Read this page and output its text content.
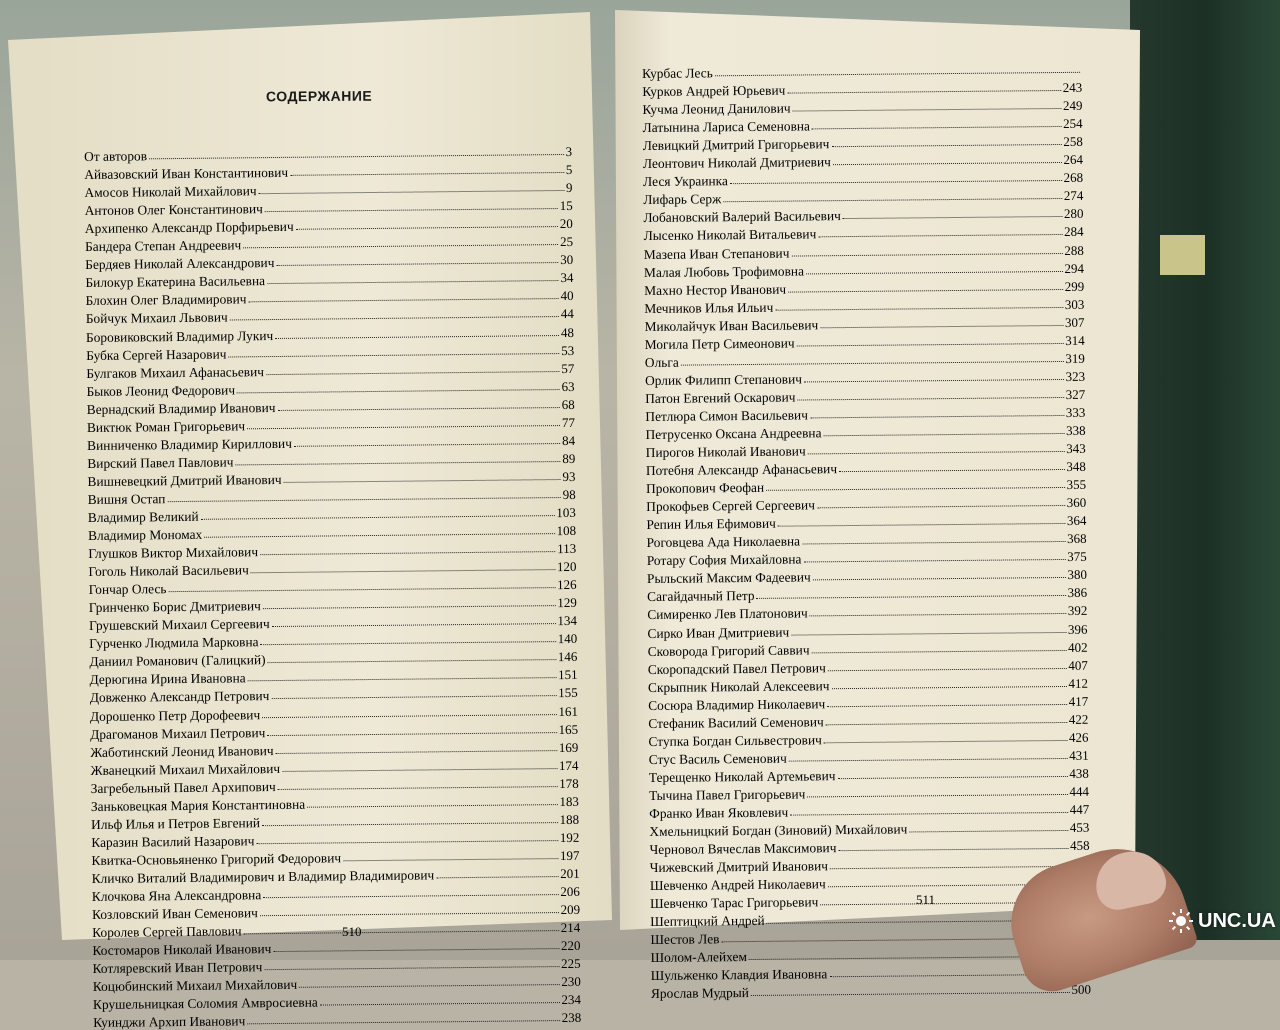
СОДЕРЖАНИЕ
От авторов	3
Айвазовский Иван Константинович	5
Амосов Николай Михайлович	9
Антонов Олег Константинович	15
Архипенко Александр Порфирьевич	20
Бандера Степан Андреевич	25
Бердяев Николай Александрович	30
Билокур Екатерина Васильевна	34
Блохин Олег Владимирович	40
Бойчук Михаил Львович	44
Боровиковский Владимир Лукич	48
Бубка Сергей Назарович	53
Булгаков Михаил Афанасьевич	57
Быков Леонид Федорович	63
Вернадский Владимир Иванович	68
Виктюк Роман Григорьевич	77
Винниченко Владимир Кириллович	84
Вирский Павел Павлович	89
Вишневецкий Дмитрий Иванович	93
Вишня Остап	98
Владимир Великий	103
Владимир Мономах	108
Глушков Виктор Михайлович	113
Гоголь Николай Васильевич	120
Гончар Олесь	126
Гринченко Борис Дмитриевич	129
Грушевский Михаил Сергеевич	134
Гурченко Людмила Марковна	140
Даниил Романович (Галицкий)	146
Дерюгина Ирина Ивановна	151
Довженко Александр Петрович	155
Дорошенко Петр Дорофеевич	161
Драгоманов Михаил Петрович	165
Жаботинский Леонид Иванович	169
Жванецкий Михаил Михайлович	174
Загребельный Павел Архипович	178
Заньковецкая Мария Константиновна	183
Ильф Илья и Петров Евгений	188
Каразин Василий Назарович	192
Квитка-Основьяненко Григорий Федорович	197
Кличко Виталий Владимирович и Владимир Владимирович	201
Клочкова Яна Александровна	206
Козловский Иван Семенович	209
Королев Сергей Павлович	214
Костомаров Николай Иванович	220
Котляревский Иван Петрович	225
Коцюбинский Михаил Михайлович	230
Крушельницкая Соломия Амвросиевна	234
Куинджи Архип Иванович	238
Курбас Лесь
Курков Андрей Юрьевич	243
Кучма Леонид Данилович	249
Латынина Лариса Семеновна	254
Левицкий Дмитрий Григорьевич	258
Леонтович Николай Дмитриевич	264
Леся Украинка	268
Лифарь Серж	274
Лобановский Валерий Васильевич	280
Лысенко Николай Витальевич	284
Мазепа Иван Степанович	288
Малая Любовь Трофимовна	294
Махно Нестор Иванович	299
Мечников Илья Ильич	303
Миколайчук Иван Васильевич	307
Могила Петр Симеонович	314
Ольга	319
Орлик Филипп Степанович	323
Патон Евгений Оскарович	327
Петлюра Симон Васильевич	333
Петрусенко Оксана Андреевна	338
Пирогов Николай Иванович	343
Потебня Александр Афанасьевич	348
Прокопович Феофан	355
Прокофьев Сергей Сергеевич	360
Репин Илья Ефимович	364
Роговцева Ада Николаевна	368
Ротару София Михайловна	375
Рыльский Максим Фадеевич	380
Сагайдачный Петр	386
Симиренко Лев Платонович	392
Сирко Иван Дмитриевич	396
Сковорода Григорий Саввич	402
Скоропадский Павел Петрович	407
Скрыпник Николай Алексеевич	412
Сосюра Владимир Николаевич	417
Стефаник Василий Семенович	422
Ступка Богдан Сильвестрович	426
Стус Василь Семенович	431
Терещенко Николай Артемьевич	438
Тычина Павел Григорьевич	444
Франко Иван Яковлевич	447
Хмельницкий Богдан (Зиновий) Михайлович	453
Черновол Вячеслав Максимович	458
Чижевский Дмитрий Иванович
Шевченко Андрей Николаевич
Шевченко Тарас Григорьевич
Шептицкий Андрей
Шестов Лев
Шолом-Алейхем
Шульженко Клавдия Ивановна
Ярослав Мудрый	500
510
511
UNC.UA
